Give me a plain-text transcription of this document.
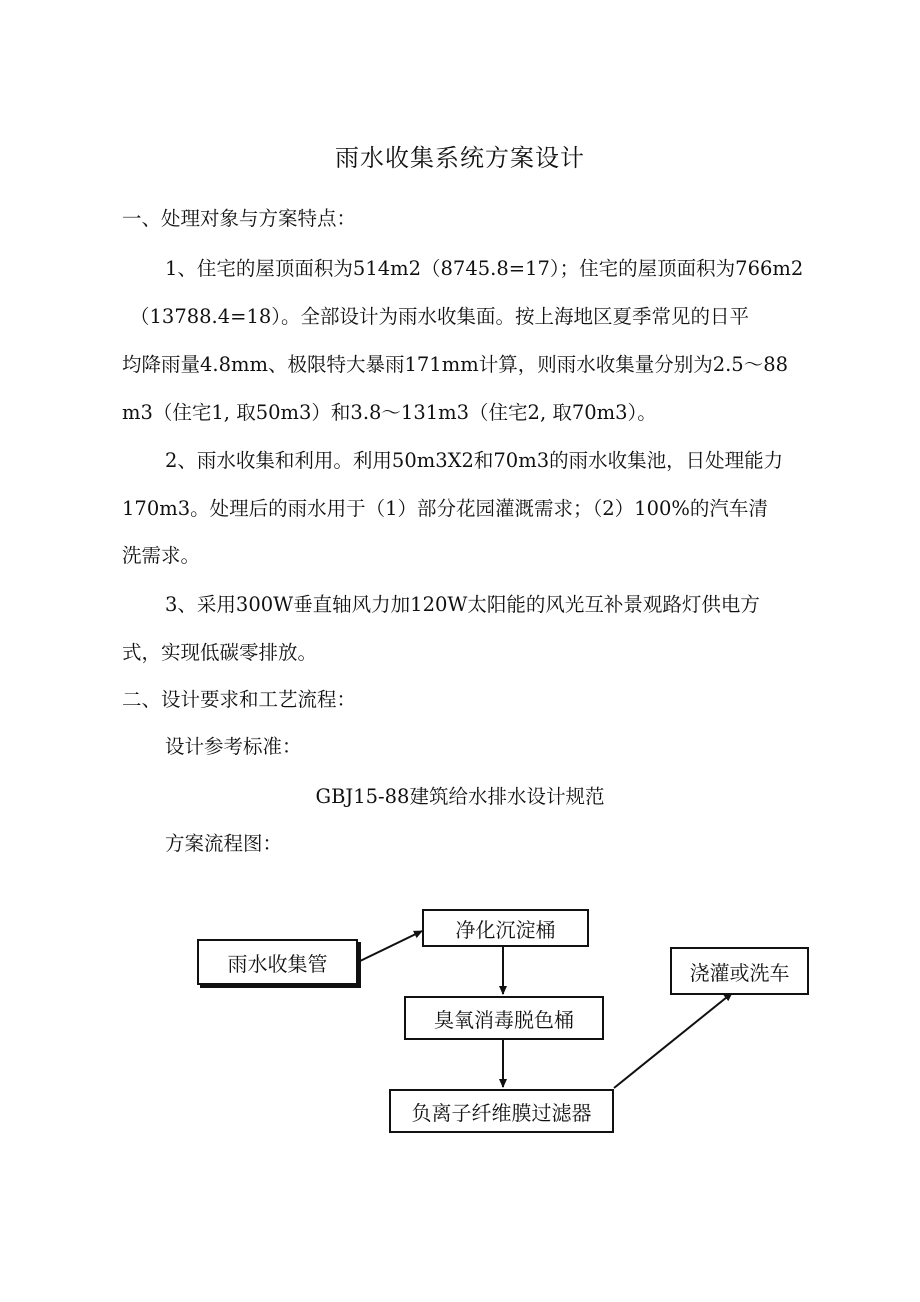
雨水收集系统方案设计
一、处理对象与方案特点：
1、住宅的屋顶面积为514m2（8745.8=17）；住宅的屋顶面积为766m2
（13788.4=18）。全部设计为雨水收集面。按上海地区夏季常见的日平
均降雨量4.8mm、极限特大暴雨171mm计算，则雨水收集量分别为2.5～88
m3（住宅1, 取50m3）和3.8～131m3（住宅2, 取70m3）。
2、雨水收集和利用。利用50m3X2和70m3的雨水收集池，日处理能力
170m3。处理后的雨水用于（1）部分花园灌溉需求；（2）100%的汽车清
洗需求。
3、采用300W垂直轴风力加120W太阳能的风光互补景观路灯供电方
式，实现低碳零排放。
二、设计要求和工艺流程：
设计参考标准：
GBJ15-88建筑给水排水设计规范
方案流程图：
雨水收集管
净化沉淀桶
臭氧消毒脱色桶
负离子纤维膜过滤器
浇灌或洗车
